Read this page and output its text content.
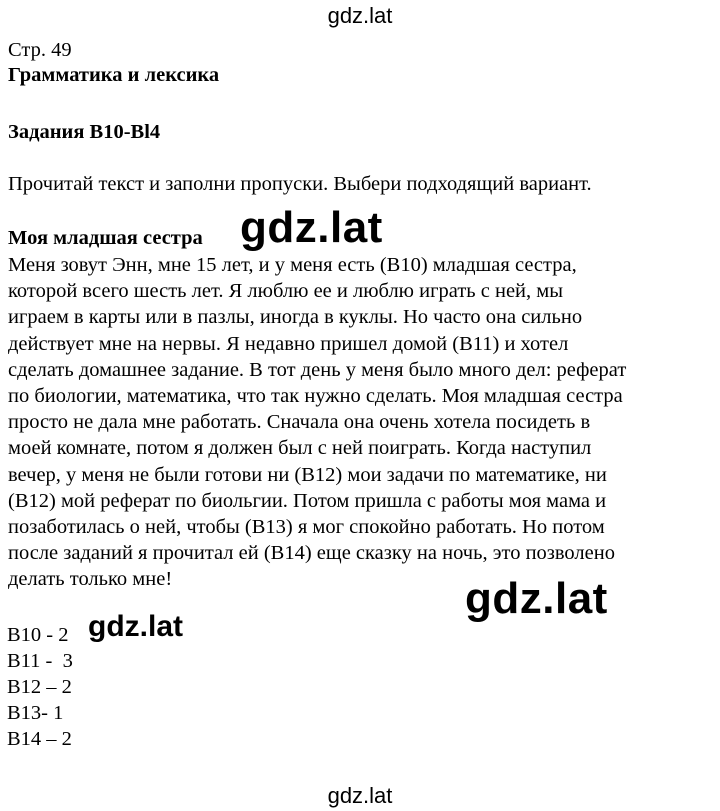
gdz.lat
Стр. 49
Грамматика и лексика
Задания В10-Bl4
Прочитай текст и заполни пропуски. Выбери подходящий вариант.
Моя младшая сестра gdz.lat
Меня зовут Энн, мне 15 лет, и у меня есть (В10) младшая сестра,
которой всего шесть лет. Я люблю ее и люблю играть с ней, мы
играем в карты или в пазлы, иногда в куклы. Но часто она сильно
действует мне на нервы. Я недавно пришел домой (В11) и хотел
сделать домашнее задание. В тот день у меня было много дел: реферат
по биологии, математика, что так нужно сделать. Моя младшая сестра
просто не дала мне работать. Сначала она очень хотела посидеть в
моей комнате, потом я должен был с ней поиграть. Когда наступил
вечер, у меня не были готови ни (В12) мои задачи по математике, ни
(В12) мой реферат по биольгии. Потом пришла с работы моя мама и
позаботилась о ней, чтобы (В13) я мог спокойно работать. Но потом
после заданий я прочитал ей (В14) еще сказку на ночь, это позволено
делать только мне!	gdz.lat
В10 - 2
В11 -  3
В12 – 2
В13- 1
В14 – 2
gdz.lat
gdz.lat
